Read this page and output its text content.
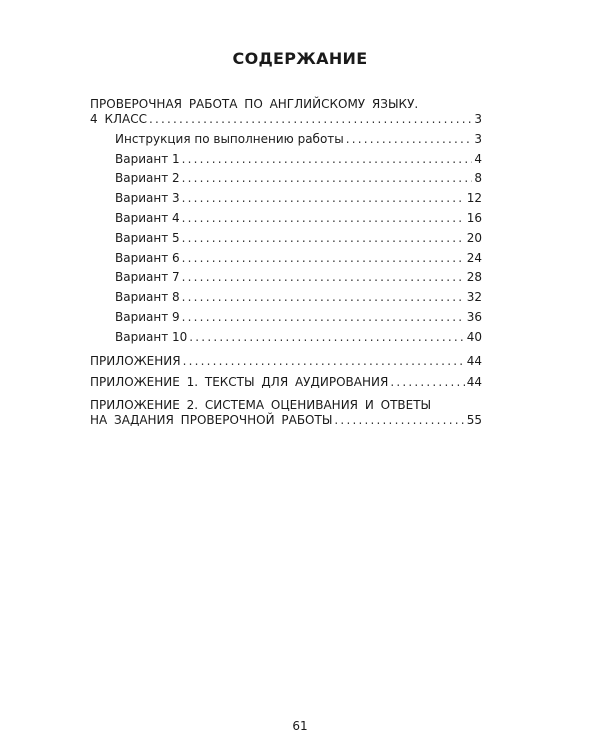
СОДЕРЖАНИЕ
ПРОВЕРОЧНАЯ РАБОТА ПО АНГЛИЙСКОМУ ЯЗЫКУ.
4 КЛАСС .....	3
Инструкция по выполнению работы .....	3
Вариант 1 .....	4
Вариант 2 .....	8
Вариант 3 .....	12
Вариант 4 .....	16
Вариант 5 .....	20
Вариант 6 .....	24
Вариант 7 .....	28
Вариант 8 .....	32
Вариант 9 .....	36
Вариант 10 .....	40
ПРИЛОЖЕНИЯ .....	44
ПРИЛОЖЕНИЕ 1. ТЕКСТЫ ДЛЯ АУДИРОВАНИЯ .....	44
ПРИЛОЖЕНИЕ 2. СИСТЕМА ОЦЕНИВАНИЯ И ОТВЕТЫ
НА ЗАДАНИЯ ПРОВЕРОЧНОЙ РАБОТЫ .....	55
61
